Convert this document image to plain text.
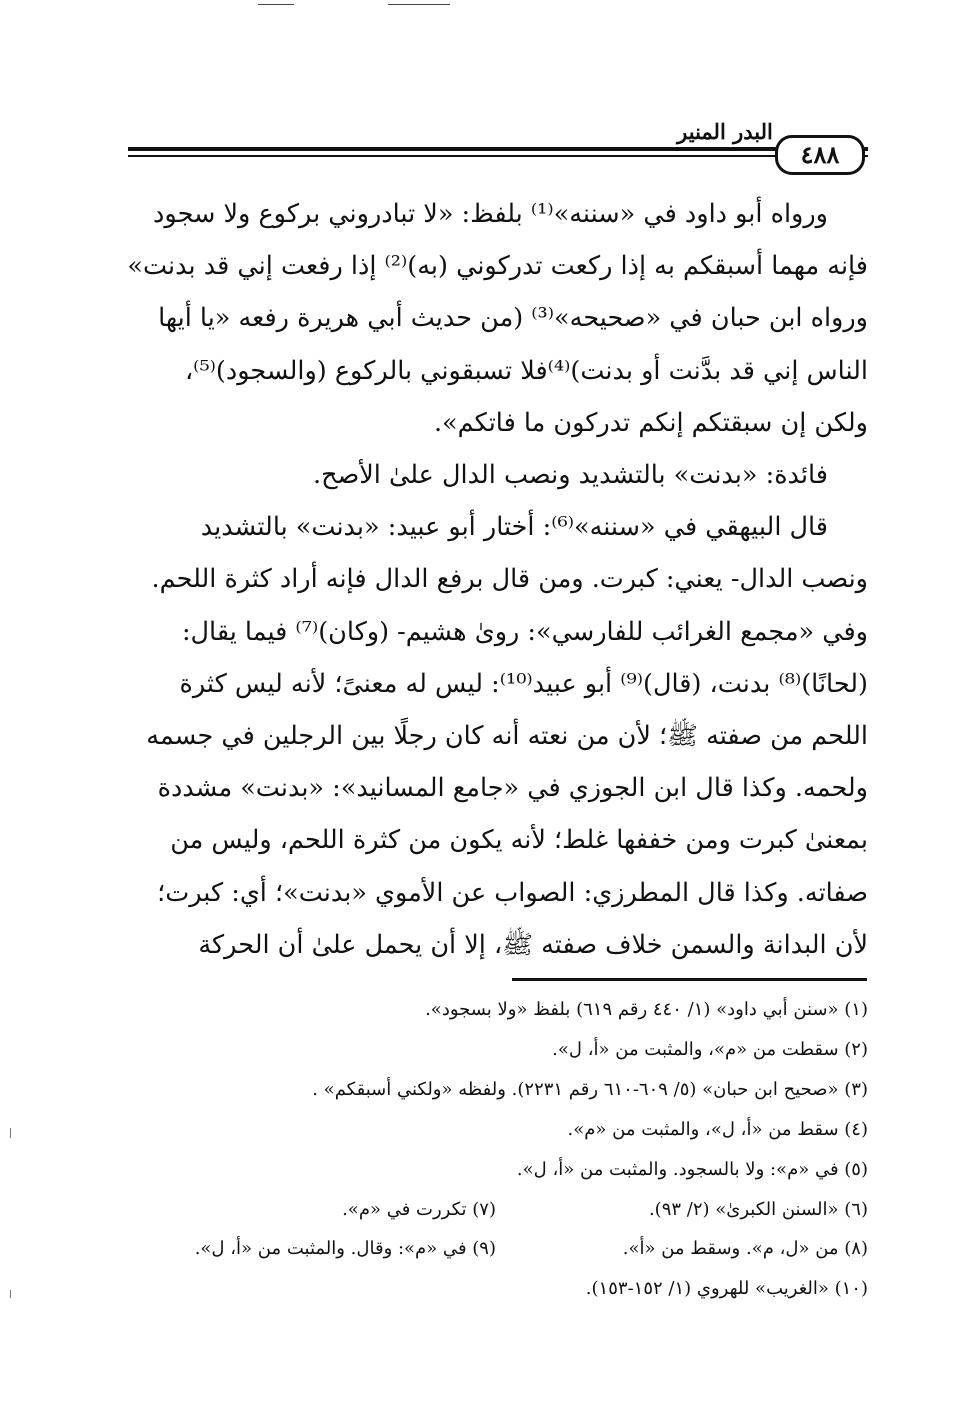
البدر المنير
٤٨٨
ورواه أبو داود في «سننه»⁽¹⁾ بلفظ: «لا تبادروني بركوع ولا سجود
فإنه مهما أسبقكم به إذا ركعت تدركوني (به)⁽²⁾ إذا رفعت إني قد بدنت»
ورواه ابن حبان في «صحيحه»⁽³⁾ (من حديث أبي هريرة رفعه «يا أيها
الناس إني قد بدَّنت أو بدنت)⁽⁴⁾فلا تسبقوني بالركوع (والسجود)⁽⁵⁾،
ولكن إن سبقتكم إنكم تدركون ما فاتكم».
فائدة: «بدنت» بالتشديد ونصب الدال علىٰ الأصح.
قال البيهقي في «سننه»⁽⁶⁾: أختار أبو عبيد: «بدنت» بالتشديد
ونصب الدال- يعني: كبرت. ومن قال برفع الدال فإنه أراد كثرة اللحم.
وفي «مجمع الغرائب للفارسي»: رویٰ هشيم- (وكان)⁽⁷⁾ فيما يقال:
(لحانًا)⁽⁸⁾ بدنت، (قال)⁽⁹⁾ أبو عبيد⁽¹⁰⁾: ليس له معنىً؛ لأنه ليس كثرة
اللحم من صفته ﷺ؛ لأن من نعته أنه كان رجلًا بين الرجلين في جسمه
ولحمه. وكذا قال ابن الجوزي في «جامع المسانيد»: «بدنت» مشددة
بمعنىٰ كبرت ومن خففها غلط؛ لأنه يكون من كثرة اللحم، وليس من
صفاته. وكذا قال المطرزي: الصواب عن الأموي «بدنت»؛ أي: كبرت؛
لأن البدانة والسمن خلاف صفته ﷺ، إلا أن يحمل علىٰ أن الحركة
(١) «سنن أبي داود» (١/ ٤٤٠ رقم ٦١٩) بلفظ «ولا بسجود».
(٢) سقطت من «م»، والمثبت من «أ، ل».
(٣) «صحيح ابن حبان» (٥/ ٦٠٩-٦١٠ رقم ٢٢٣١). ولفظه «ولكني أسبقكم» .
(٤) سقط من «أ، ل»، والمثبت من «م».
(٥) في «م»: ولا بالسجود. والمثبت من «أ، ل».
(٦) «السنن الكبرىٰ» (٢/ ٩٣).
(٧) تكررت في «م».
(٨) من «ل، م». وسقط من «أ».
(٩) في «م»: وقال. والمثبت من «أ، ل».
(١٠) «الغريب» للهروي (١/ ١٥٢-١٥٣).
